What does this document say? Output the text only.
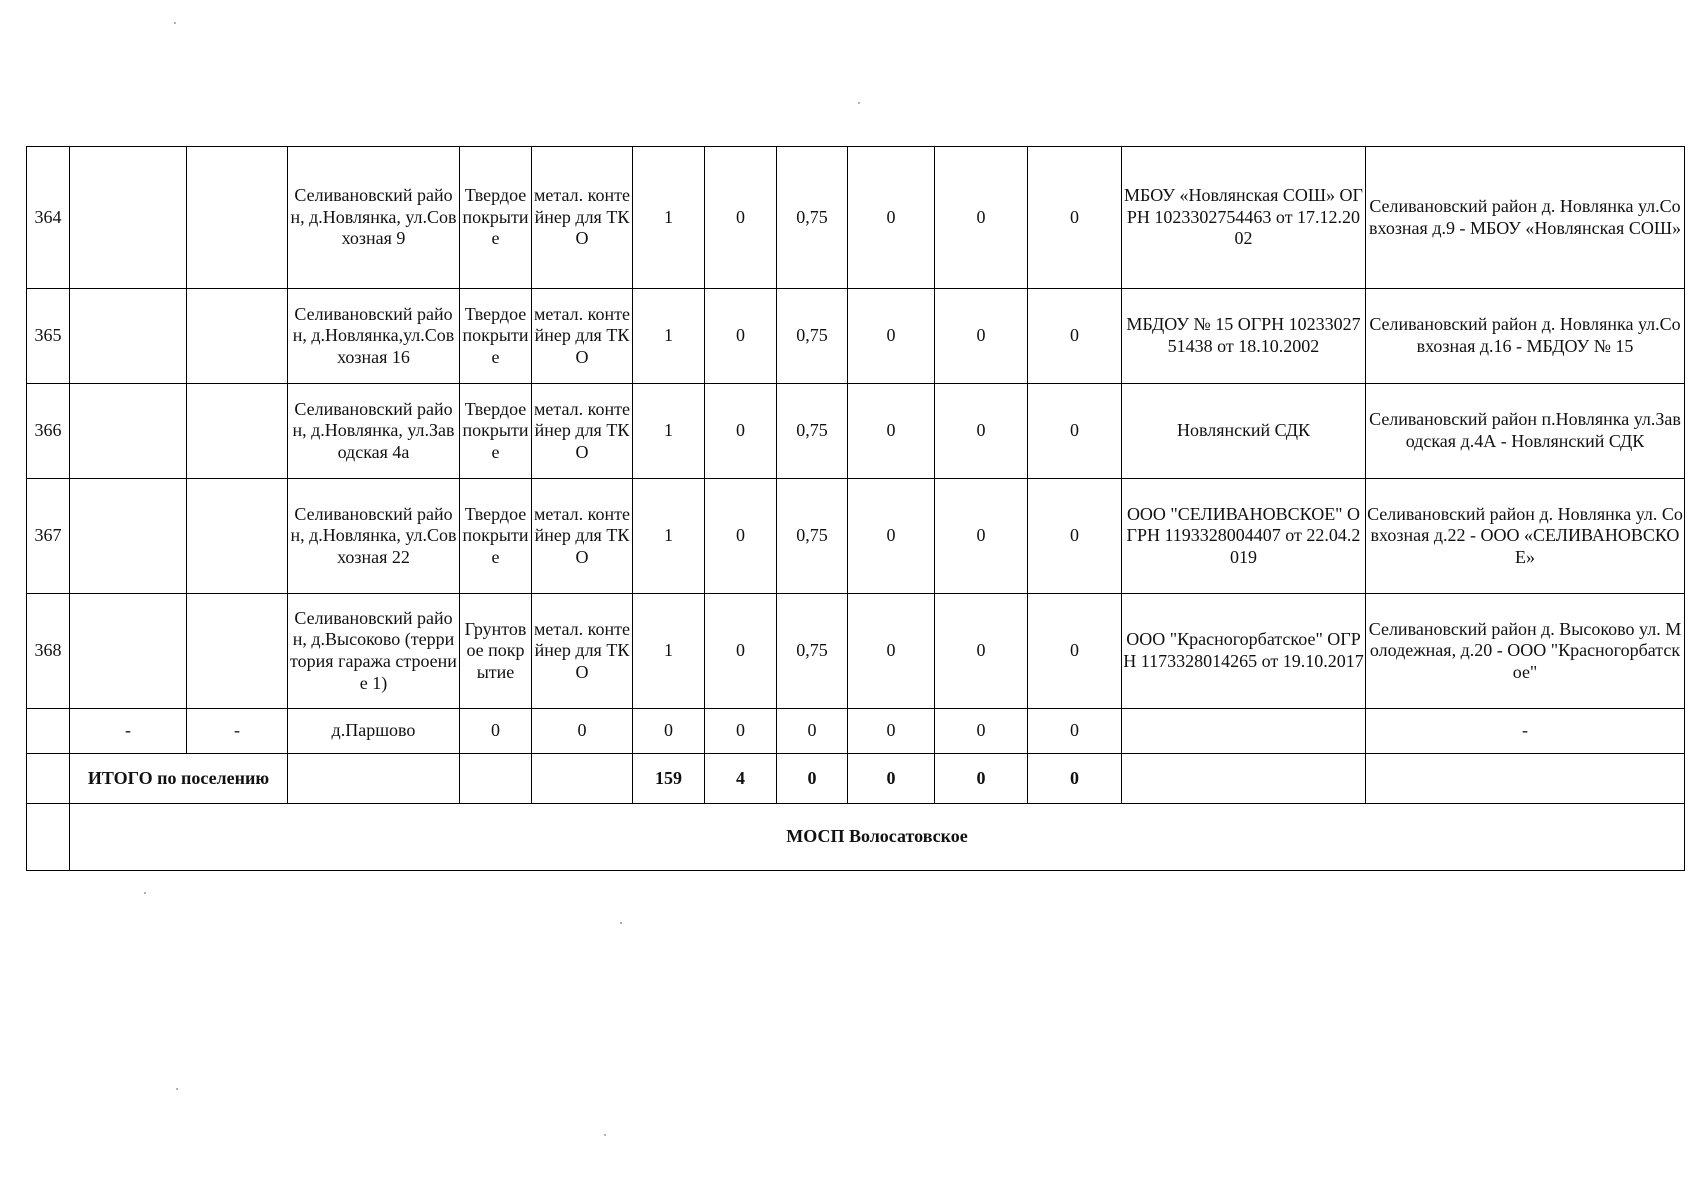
364			Селивановский район, д.Новлянка, ул.Совхозная 9	Твердое покрытие	метал. контейнер для ТКО	1	0	0,75	0	0	0	МБОУ «Новлянская СОШ» ОГРН 1023302754463 от 17.12.2002	Селивановский район д. Новлянка ул.Совхозная д.9 - МБОУ «Новлянская СОШ»
365			Селивановский район, д.Новлянка,ул.Совхозная 16	Твердое покрытие	метал. контейнер для ТКО	1	0	0,75	0	0	0	МБДОУ № 15 ОГРН 1023302751438 от 18.10.2002	Селивановский район д. Новлянка ул.Совхозная д.16 - МБДОУ № 15
366			Селивановский район, д.Новлянка, ул.Заводская 4а	Твердое покрытие	метал. контейнер для ТКО	1	0	0,75	0	0	0	Новлянский СДК	Селивановский район п.Новлянка ул.Заводская д.4А - Новлянский СДК
367			Селивановский район, д.Новлянка, ул.Совхозная 22	Твердое покрытие	метал. контейнер для ТКО	1	0	0,75	0	0	0	ООО "СЕЛИВАНОВСКОЕ" ОГРН 1193328004407 от 22.04.2019	Селивановский район д. Новлянка ул. Совхозная д.22 - ООО «СЕЛИВАНОВСКОЕ»
368			Селивановский район, д.Высоково (территория гаража строение 1)	Грунтовое покрытие	метал. контейнер для ТКО	1	0	0,75	0	0	0	ООО "Красногорбатское" ОГРН 1173328014265 от 19.10.2017	Селивановский район д. Высоково ул. Молодежная, д.20 - ООО "Красногорбатское"
	-	-	д.Паршово	0	0	0	0	0	0	0	0		-
	ИТОГО по поселению					159	4	0	0	0	0		
	МОСП Волосатовское												
